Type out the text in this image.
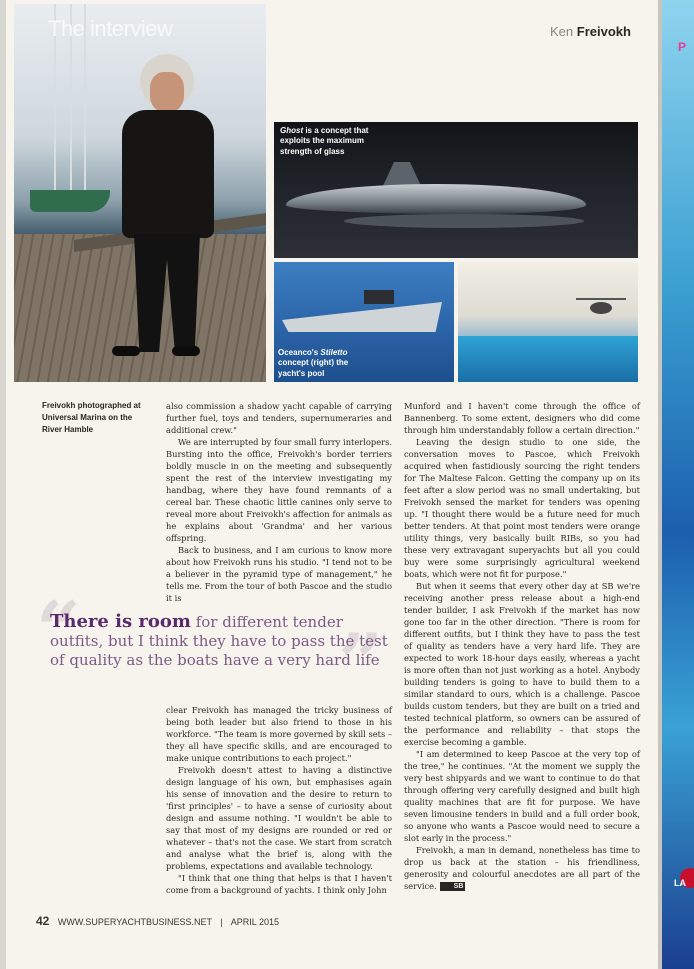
The interview	Ken Freivokh
Ghost is a concept that exploits the maximum strength of glass
Oceanco's Stiletto concept (right) the yacht's pool
Freivokh photographed at Universal Marina on the River Hamble

also commission a shadow yacht capable of carrying further fuel, toys and tenders, supernumeraries and additional crew."

We are interrupted by four small furry interlopers. Bursting into the office, Freivokh's border terriers boldly muscle in on the meeting and subsequently spent the rest of the interview investigating my handbag, where they have found remnants of a cereal bar. These chaotic little canines only serve to reveal more about Freivokh's affection for animals as he explains about 'Grandma' and her various offspring.

Back to business, and I am curious to know more about how Freivokh runs his studio. "I tend not to be a believer in the pyramid type of management," he tells me. From the tour of both Pascoe and the studio it is

“	”
There is room for different tender outfits, but I think they have to pass the test of quality as the boats have a very hard life

clear Freivokh has managed the tricky business of being both leader but also friend to those in his workforce. "The team is more governed by skill sets – they all have specific skills, and are encouraged to make unique contributions to each project."

Freivokh doesn't attest to having a distinctive design language of his own, but emphasises again his sense of innovation and the desire to return to 'first principles' – to have a sense of curiosity about design and assume nothing. "I wouldn't be able to say that most of my designs are rounded or red or whatever – that's not the case. We start from scratch and analyse what the brief is, along with the problems, expectations and available technology.

"I think that one thing that helps is that I haven't come from a background of yachts. I think only John

Munford and I haven't come through the office of Bannenberg. To some extent, designers who did come through him understandably follow a certain direction."

Leaving the design studio to one side, the conversation moves to Pascoe, which Freivokh acquired when fastidiously sourcing the right tenders for The Maltese Falcon. Getting the company up on its feet after a slow period was no small undertaking, but Freivokh sensed the market for tenders was opening up. "I thought there would be a future need for much better tenders. At that point most tenders were orange utility things, very basically built RIBs, so you had these very extravagant superyachts but all you could buy were some surprisingly agricultural weekend boats, which were not fit for purpose."

But when it seems that every other day at SB we're receiving another press release about a high-end tender builder, I ask Freivokh if the market has now gone too far in the other direction. "There is room for different outfits, but I think they have to pass the test of quality as tenders have a very hard life. They are expected to work 18-hour days easily, whereas a yacht is more often than not just working as a hotel. Anybody building tenders is going to have to build them to a similar standard to ours, which is a challenge. Pascoe builds custom tenders, but they are built on a tried and tested technical platform, so owners can be assured of the performance and reliability – that stops the exercise becoming a gamble.

"I am determined to keep Pascoe at the very top of the tree," he continues. "At the moment we supply the very best shipyards and we want to continue to do that through offering very carefully designed and built high quality machines that are fit for purpose. We have seven limousine tenders in build and a full order book, so anyone who wants a Pascoe would need to secure a slot early in the process."

Freivokh, a man in demand, nonetheless has time to drop us back at the station – his friendliness, generosity and colourful anecdotes are all part of the service. SB

42 WWW.SUPERYACHTBUSINESS.NET | APRIL 2015
P
LA
